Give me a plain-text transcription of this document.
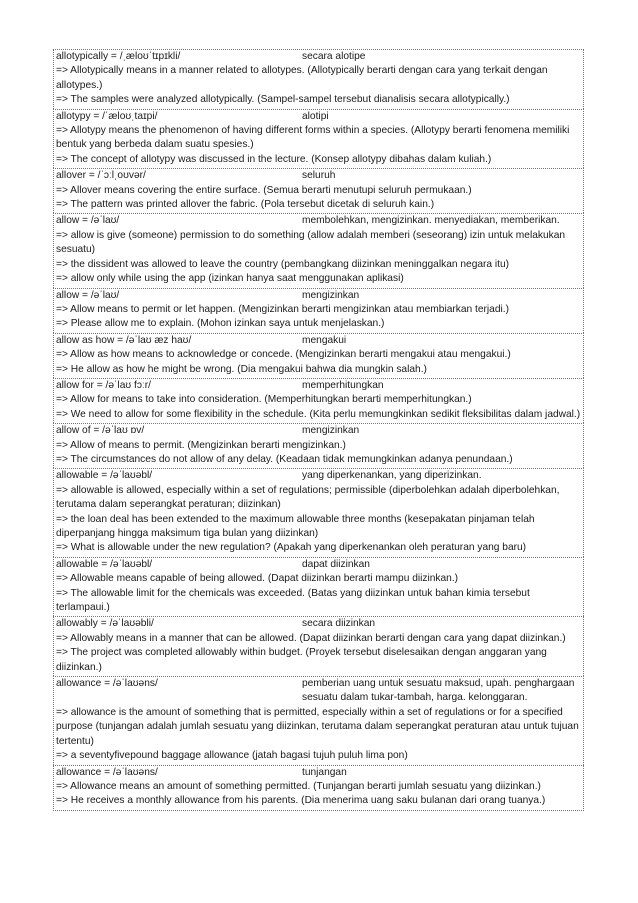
allotypically = /ˌæloʊˈtɪpɪkli/	secara alotipe
=> Allotypically means in a manner related to allotypes. (Allotypically berarti dengan cara yang terkait dengan allotypes.)
=> The samples were analyzed allotypically. (Sampel-sampel tersebut dianalisis secara allotypically.)
allotypy = /ˈæloʊˌtaɪpi/	alotipi
=> Allotypy means the phenomenon of having different forms within a species. (Allotypy berarti fenomena memiliki bentuk yang berbeda dalam suatu spesies.)
=> The concept of allotypy was discussed in the lecture. (Konsep allotypy dibahas dalam kuliah.)
allover = /ˈɔːlˌoʊvər/	seluruh
=> Allover means covering the entire surface. (Semua berarti menutupi seluruh permukaan.)
=> The pattern was printed allover the fabric. (Pola tersebut dicetak di seluruh kain.)
allow = /əˈlaʊ/	membolehkan, mengizinkan. menyediakan, memberikan.
=> allow is give (someone) permission to do something (allow adalah memberi (seseorang) izin untuk melakukan sesuatu)
=> the dissident was allowed to leave the country (pembangkang diizinkan meninggalkan negara itu)
=> allow only while using the app (izinkan hanya saat menggunakan aplikasi)
allow = /əˈlaʊ/	mengizinkan
=> Allow means to permit or let happen. (Mengizinkan berarti mengizinkan atau membiarkan terjadi.)
=> Please allow me to explain. (Mohon izinkan saya untuk menjelaskan.)
allow as how = /əˈlaʊ æz haʊ/	mengakui
=> Allow as how means to acknowledge or concede. (Mengizinkan berarti mengakui atau mengakui.)
=> He allow as how he might be wrong. (Dia mengakui bahwa dia mungkin salah.)
allow for = /əˈlaʊ fɔːr/	memperhitungkan
=> Allow for means to take into consideration. (Memperhitungkan berarti memperhitungkan.)
=> We need to allow for some flexibility in the schedule. (Kita perlu memungkinkan sedikit fleksibilitas dalam jadwal.)
allow of = /əˈlaʊ ɒv/	mengizinkan
=> Allow of means to permit. (Mengizinkan berarti mengizinkan.)
=> The circumstances do not allow of any delay. (Keadaan tidak memungkinkan adanya penundaan.)
allowable = /əˈlaʊəbl/	yang diperkenankan, yang diperizinkan.
=> allowable is allowed, especially within a set of regulations; permissible (diperbolehkan adalah diperbolehkan, terutama dalam seperangkat peraturan; diizinkan)
=> the loan deal has been extended to the maximum allowable three months (kesepakatan pinjaman telah diperpanjang hingga maksimum tiga bulan yang diizinkan)
=> What is allowable under the new regulation? (Apakah yang diperkenankan oleh peraturan yang baru)
allowable = /əˈlaʊəbl/	dapat diizinkan
=> Allowable means capable of being allowed. (Dapat diizinkan berarti mampu diizinkan.)
=> The allowable limit for the chemicals was exceeded. (Batas yang diizinkan untuk bahan kimia tersebut terlampaui.)
allowably = /əˈlaʊəbli/	secara diizinkan
=> Allowably means in a manner that can be allowed. (Dapat diizinkan berarti dengan cara yang dapat diizinkan.)
=> The project was completed allowably within budget. (Proyek tersebut diselesaikan dengan anggaran yang diizinkan.)
allowance = /əˈlaʊəns/	pemberian uang untuk sesuatu maksud, upah. penghargaan sesuatu dalam tukar-tambah, harga. kelonggaran.
=> allowance is the amount of something that is permitted, especially within a set of regulations or for a specified purpose (tunjangan adalah jumlah sesuatu yang diizinkan, terutama dalam seperangkat peraturan atau untuk tujuan tertentu)
=> a seventyfivepound baggage allowance (jatah bagasi tujuh puluh lima pon)
allowance = /əˈlaʊəns/	tunjangan
=> Allowance means an amount of something permitted. (Tunjangan berarti jumlah sesuatu yang diizinkan.)
=> He receives a monthly allowance from his parents. (Dia menerima uang saku bulanan dari orang tuanya.)
